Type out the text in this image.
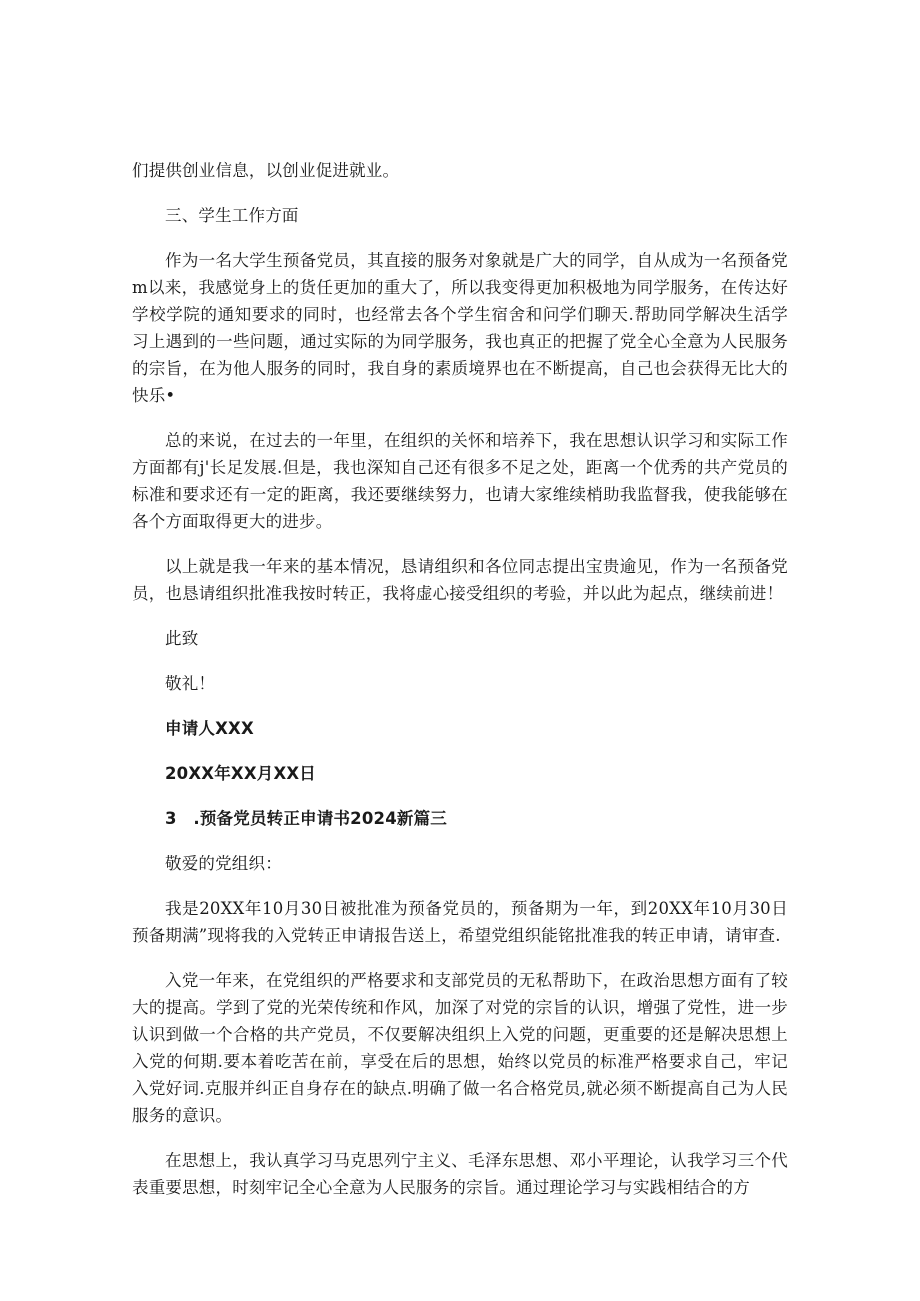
们提供创业信息，以创业促进就业。

三、学生工作方面

作为一名大学生预备党员，其直接的服务对象就是广大的同学，自从成为一名预备党m以来，我感觉身上的货任更加的重大了，所以我变得更加积极地为同学服务，在传达好学校学院的通知要求的同时，也经常去各个学生宿舍和问学们聊天.帮助同学解决生活学习上遇到的一些问题，通过实际的为同学服务，我也真正的把握了党全心全意为人民服务的宗旨，在为他人服务的同时，我自身的素质境界也在不断提高，自己也会获得无比大的快乐•

总的来说，在过去的一年里，在组织的关怀和培养下，我在思想认识学习和实际工作方面都有j'长足发展.但是，我也深知自己还有很多不足之处，距离一个优秀的共产党员的标准和要求还有一定的距离，我还要继续努力，也请大家维续梢助我监督我，使我能够在各个方面取得更大的进步。

以上就是我一年来的基本情况，恳请组织和各位同志提出宝贵逾见，作为一名预备党员，也恳请组织批准我按时转正，我将虚心接受组织的考验，并以此为起点，继续前进！

此致

敬礼！

申请人XXX

20XX年XX月XX日

3　.预备党员转正申请书2024新篇三

敬爱的党组织：

我是20XX年10月30日被批准为预备党员的，预备期为一年，到20XX年10月30日预备期满”现将我的入党转正申请报告送上，希望党组织能铭批准我的转正申请，请审查.

入党一年来，在党组织的严格要求和支部党员的无私帮助下，在政治思想方面有了较大的提高。学到了党的光荣传统和作风，加深了对党的宗旨的认识，增强了党性，进一步认识到做一个合格的共产党员，不仅要解决组织上入党的问题，更重要的还是解决思想上入党的何期.要本着吃苦在前，享受在后的思想，始终以党员的标准严格要求自己，牢记入党好词.克服并纠正自身存在的缺点.明确了做一名合格党员,就必须不断提高自己为人民服务的意识。

在思想上，我认真学习马克思列宁主义、毛泽东思想、邓小平理论，认我学习三个代表重要思想，时刻牢记全心全意为人民服务的宗旨。通过理论学习与实践相结合的方
